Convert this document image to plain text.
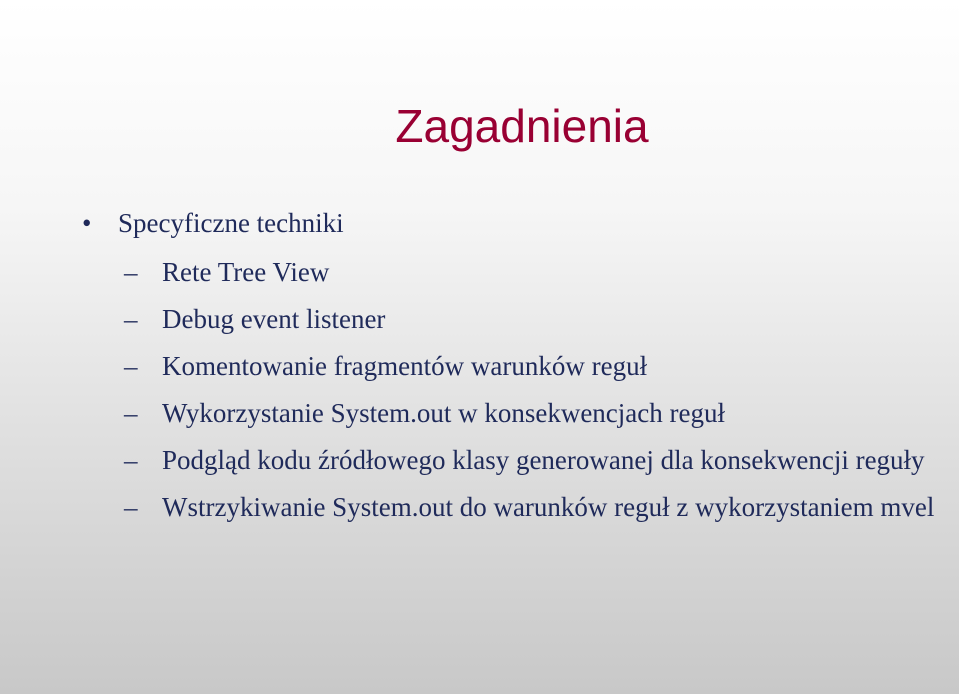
Zagadnienia
• Specyficzne techniki
– Rete Tree View
– Debug event listener
– Komentowanie fragmentów warunków reguł
– Wykorzystanie System.out w konsekwencjach reguł
– Podgląd kodu źródłowego klasy generowanej dla konsekwencji reguły
– Wstrzykiwanie System.out do warunków reguł z wykorzystaniem mvel
